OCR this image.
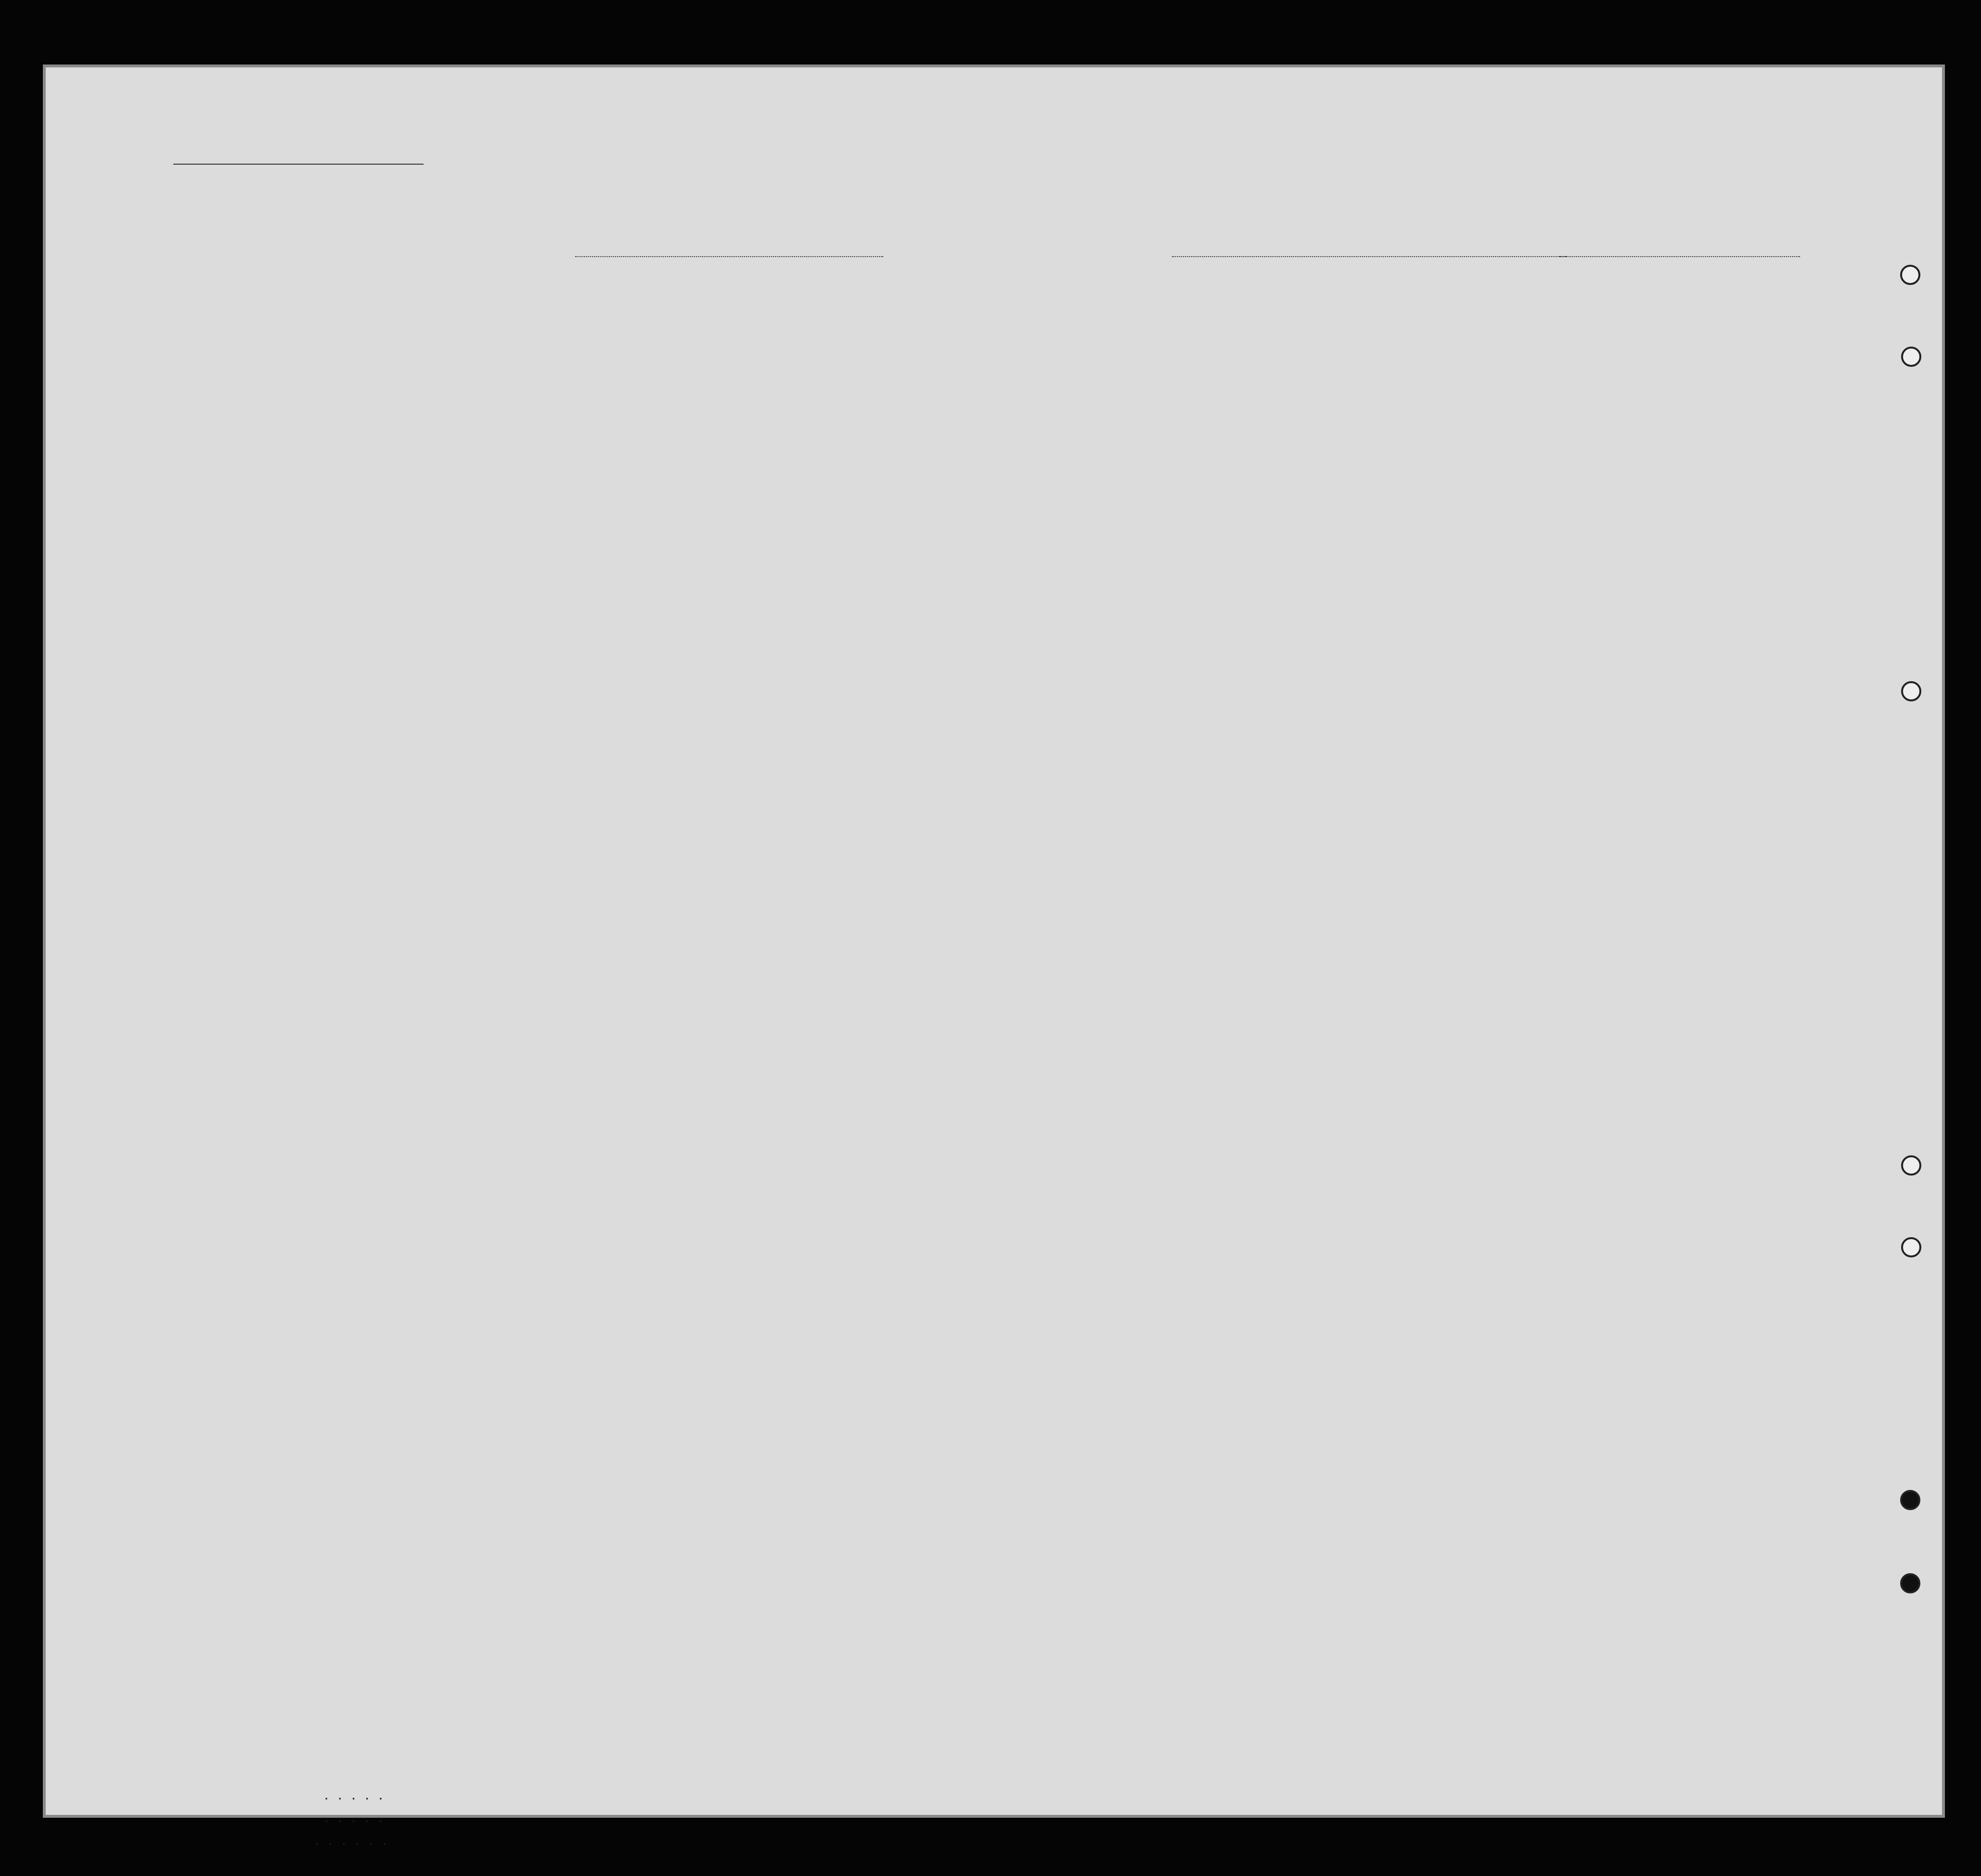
. . . . .
. . . . .
. . . . . .
